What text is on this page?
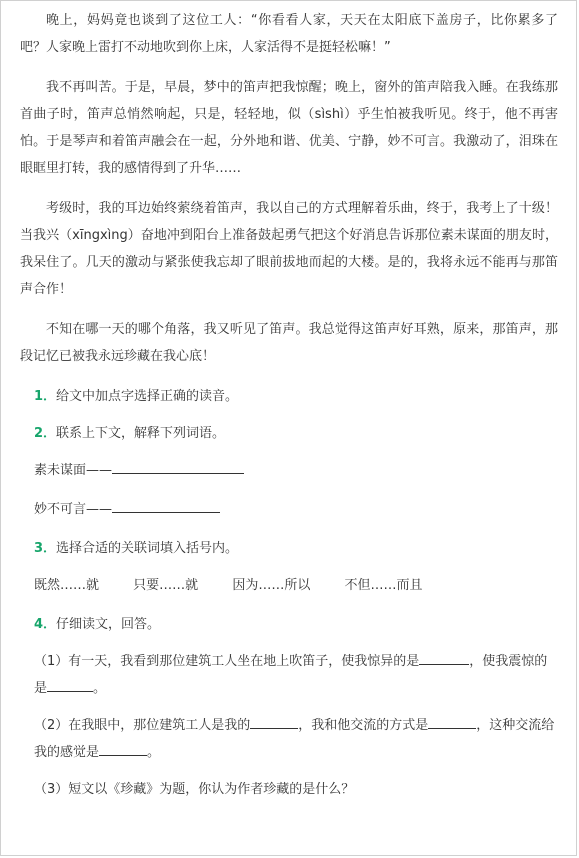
晚上，妈妈竟也谈到了这位工人：“你看看人家，天天在太阳底下盖房子，比你累多了吧？人家晚上雷打不动地吹到你上床，人家活得不是挺轻松嘛！”

我不再叫苦。于是，早晨，梦中的笛声把我惊醒；晚上，窗外的笛声陪我入睡。在我练那首曲子时，笛声总悄然响起，只是，轻轻地，似（sìshì）乎生怕被我听见。终于，他不再害怕。于是琴声和着笛声融会在一起，分外地和谐、优美、宁静，妙不可言。我激动了，泪珠在眼眶里打转，我的感情得到了升华……

考级时，我的耳边始终萦绕着笛声，我以自己的方式理解着乐曲，终于，我考上了十级！当我兴（xīngxìng）奋地冲到阳台上准备鼓起勇气把这个好消息告诉那位素未谋面的朋友时，我呆住了。几天的激动与紧张使我忘却了眼前拔地而起的大楼。是的，我将永远不能再与那笛声合作！

不知在哪一天的哪个角落，我又听见了笛声。我总觉得这笛声好耳熟，原来，那笛声，那段记忆已被我永远珍藏在我心底！

1．给文中加点字选择正确的读音。
2．联系上下文，解释下列词语。
素未谋面——
妙不可言——
3．选择合适的关联词填入括号内。
既然……就	只要……就	因为……所以	不但……而且
4．仔细读文，回答。

（1）有一天，我看到那位建筑工人坐在地上吹笛子，使我惊异的是	，使我震惊的是	。

（2）在我眼中，那位建筑工人是我的	，我和他交流的方式是	，这种交流给我的感觉是	。

（3）短文以《珍藏》为题，你认为作者珍藏的是什么？
